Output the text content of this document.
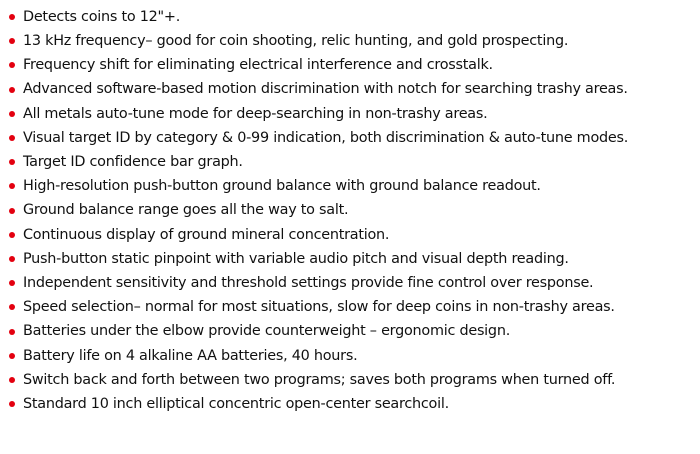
Detects coins to 12"+.
13 kHz frequency– good for coin shooting, relic hunting, and gold prospecting.
Frequency shift for eliminating electrical interference and crosstalk.
Advanced software-based motion discrimination with notch for searching trashy areas.
All metals auto-tune mode for deep-searching in non-trashy areas.
Visual target ID by category & 0-99 indication, both discrimination & auto-tune modes.
Target ID confidence bar graph.
High-resolution push-button ground balance with ground balance readout.
Ground balance range goes all the way to salt.
Continuous display of ground mineral concentration.
Push-button static pinpoint with variable audio pitch and visual depth reading.
Independent sensitivity and threshold settings provide fine control over response.
Speed selection– normal for most situations, slow for deep coins in non-trashy areas.
Batteries under the elbow provide counterweight – ergonomic design.
Battery life on 4 alkaline AA batteries, 40 hours.
Switch back and forth between two programs; saves both programs when turned off.
Standard 10 inch elliptical concentric open-center searchcoil.
